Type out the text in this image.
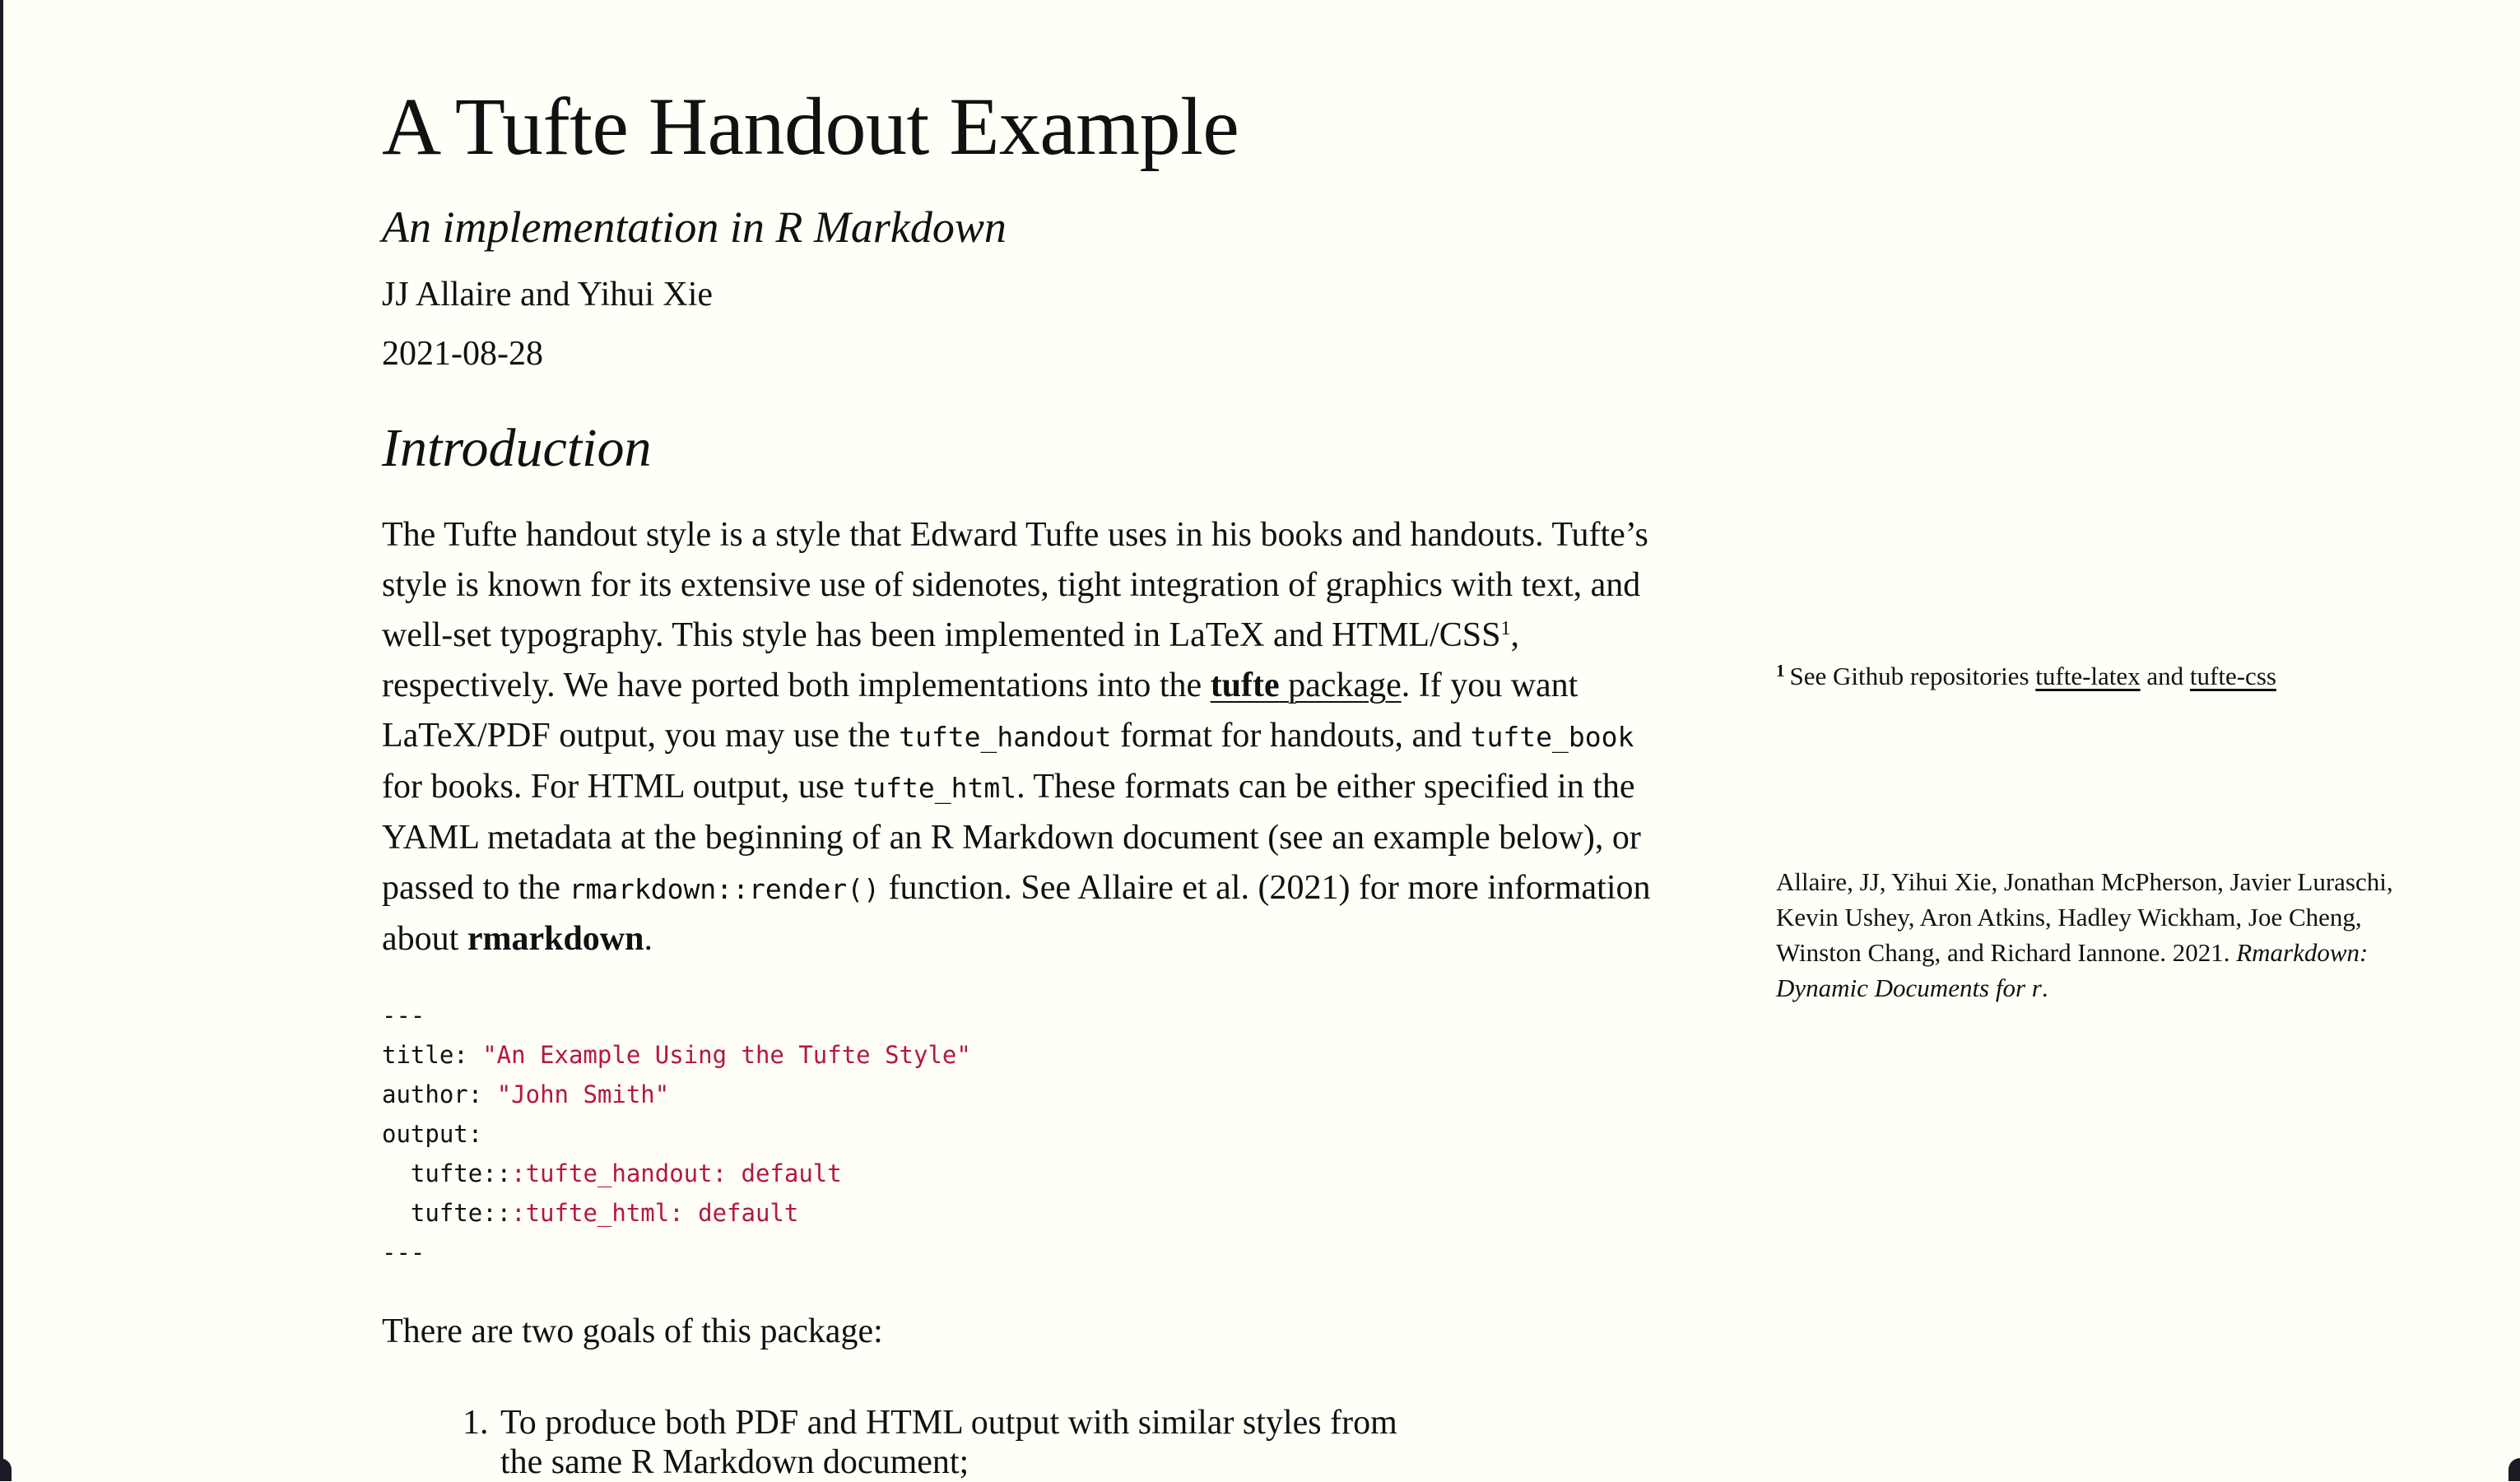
A Tufte Handout Example

An implementation in R Markdown

JJ Allaire and Yihui Xie

2021-08-28

Introduction

The Tufte handout style is a style that Edward Tufte uses in his books and handouts. Tufte’s style is known for its extensive use of sidenotes, tight integration of graphics with text, and well-set typography. This style has been implemented in LaTeX and HTML/CSS$^1$, respectively. We have ported both implementations into the tufte package. If you want LaTeX/PDF output, you may use the tufte_handout format for handouts, and tufte_book for books. For HTML output, use tufte_html. These formats can be either specified in the YAML metadata at the beginning of an R Markdown document (see an example below), or passed to the rmarkdown::render() function. See Allaire et al. (2021) for more information about rmarkdown.

---
title: "An Example Using the Tufte Style"
author: "John Smith"
output:
tufte:::tufte_handout: default
tufte:::tufte_html: default
---

There are two goals of this package:

1. To produce both PDF and HTML output with similar styles from the same R Markdown document;
$^1$ See Github repositories tufte-latex and tufte-css
Allaire, JJ, Yihui Xie, Jonathan McPherson, Javier Luraschi, Kevin Ushey, Aron Atkins, Hadley Wickham, Joe Cheng, Winston Chang, and Richard Iannone. 2021. Rmarkdown: Dynamic Documents for r.
